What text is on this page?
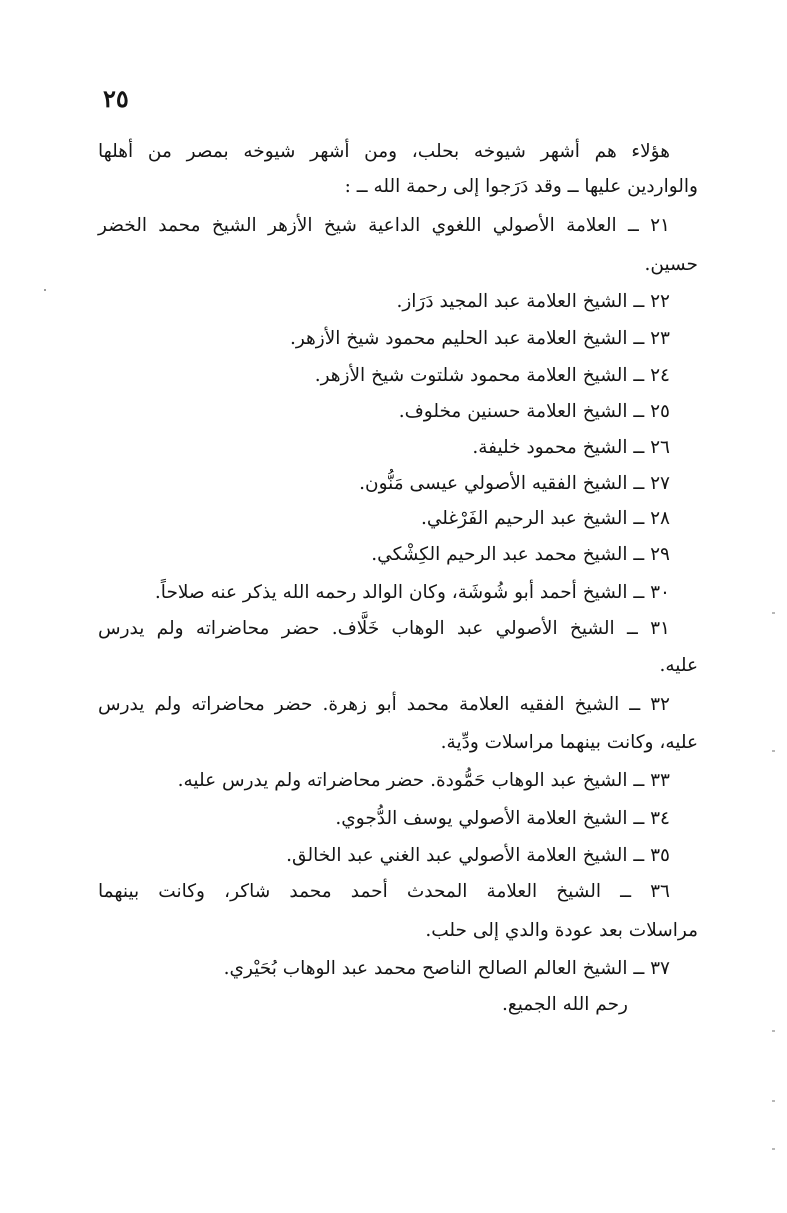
٢٥
هؤلاء هم أشهر شيوخه بحلب، ومن أشهر شيوخه بمصر من أهلها
والواردين عليها ــ وقد دَرَجوا إلى رحمة الله ــ :
٢١ ــ العلامة الأصولي اللغوي الداعية شيخ الأزهر الشيخ محمد الخضر
حسين.
٢٢ ــ الشيخ العلامة عبد المجيد دَرَاز.
٢٣ ــ الشيخ العلامة عبد الحليم محمود شيخ الأزهر.
٢٤ ــ الشيخ العلامة محمود شلتوت شيخ الأزهر.
٢٥ ــ الشيخ العلامة حسنين مخلوف.
٢٦ ــ الشيخ محمود خليفة.
٢٧ ــ الشيخ الفقيه الأصولي عيسى مَنُّون.
٢٨ ــ الشيخ عبد الرحيم الفَرْغلي.
٢٩ ــ الشيخ محمد عبد الرحيم الكِشْكي.
٣٠ ــ الشيخ أحمد أبو شُوشَة، وكان الوالد رحمه الله يذكر عنه صلاحاً.
٣١ ــ الشيخ الأصولي عبد الوهاب خَلَّاف. حضر محاضراته ولم يدرس
عليه.
٣٢ ــ الشيخ الفقيه العلامة محمد أبو زهرة. حضر محاضراته ولم يدرس
عليه، وكانت بينهما مراسلات ودِّية.
٣٣ ــ الشيخ عبد الوهاب حَمُّودة. حضر محاضراته ولم يدرس عليه.
٣٤ ــ الشيخ العلامة الأصولي يوسف الدُّجوي.
٣٥ ــ الشيخ العلامة الأصولي عبد الغني عبد الخالق.
٣٦ ــ الشيخ العلامة المحدث أحمد محمد شاكر، وكانت بينهما
مراسلات بعد عودة والدي إلى حلب.
٣٧ ــ الشيخ العالم الصالح الناصح محمد عبد الوهاب بُحَيْري.
رحم الله الجميع.
